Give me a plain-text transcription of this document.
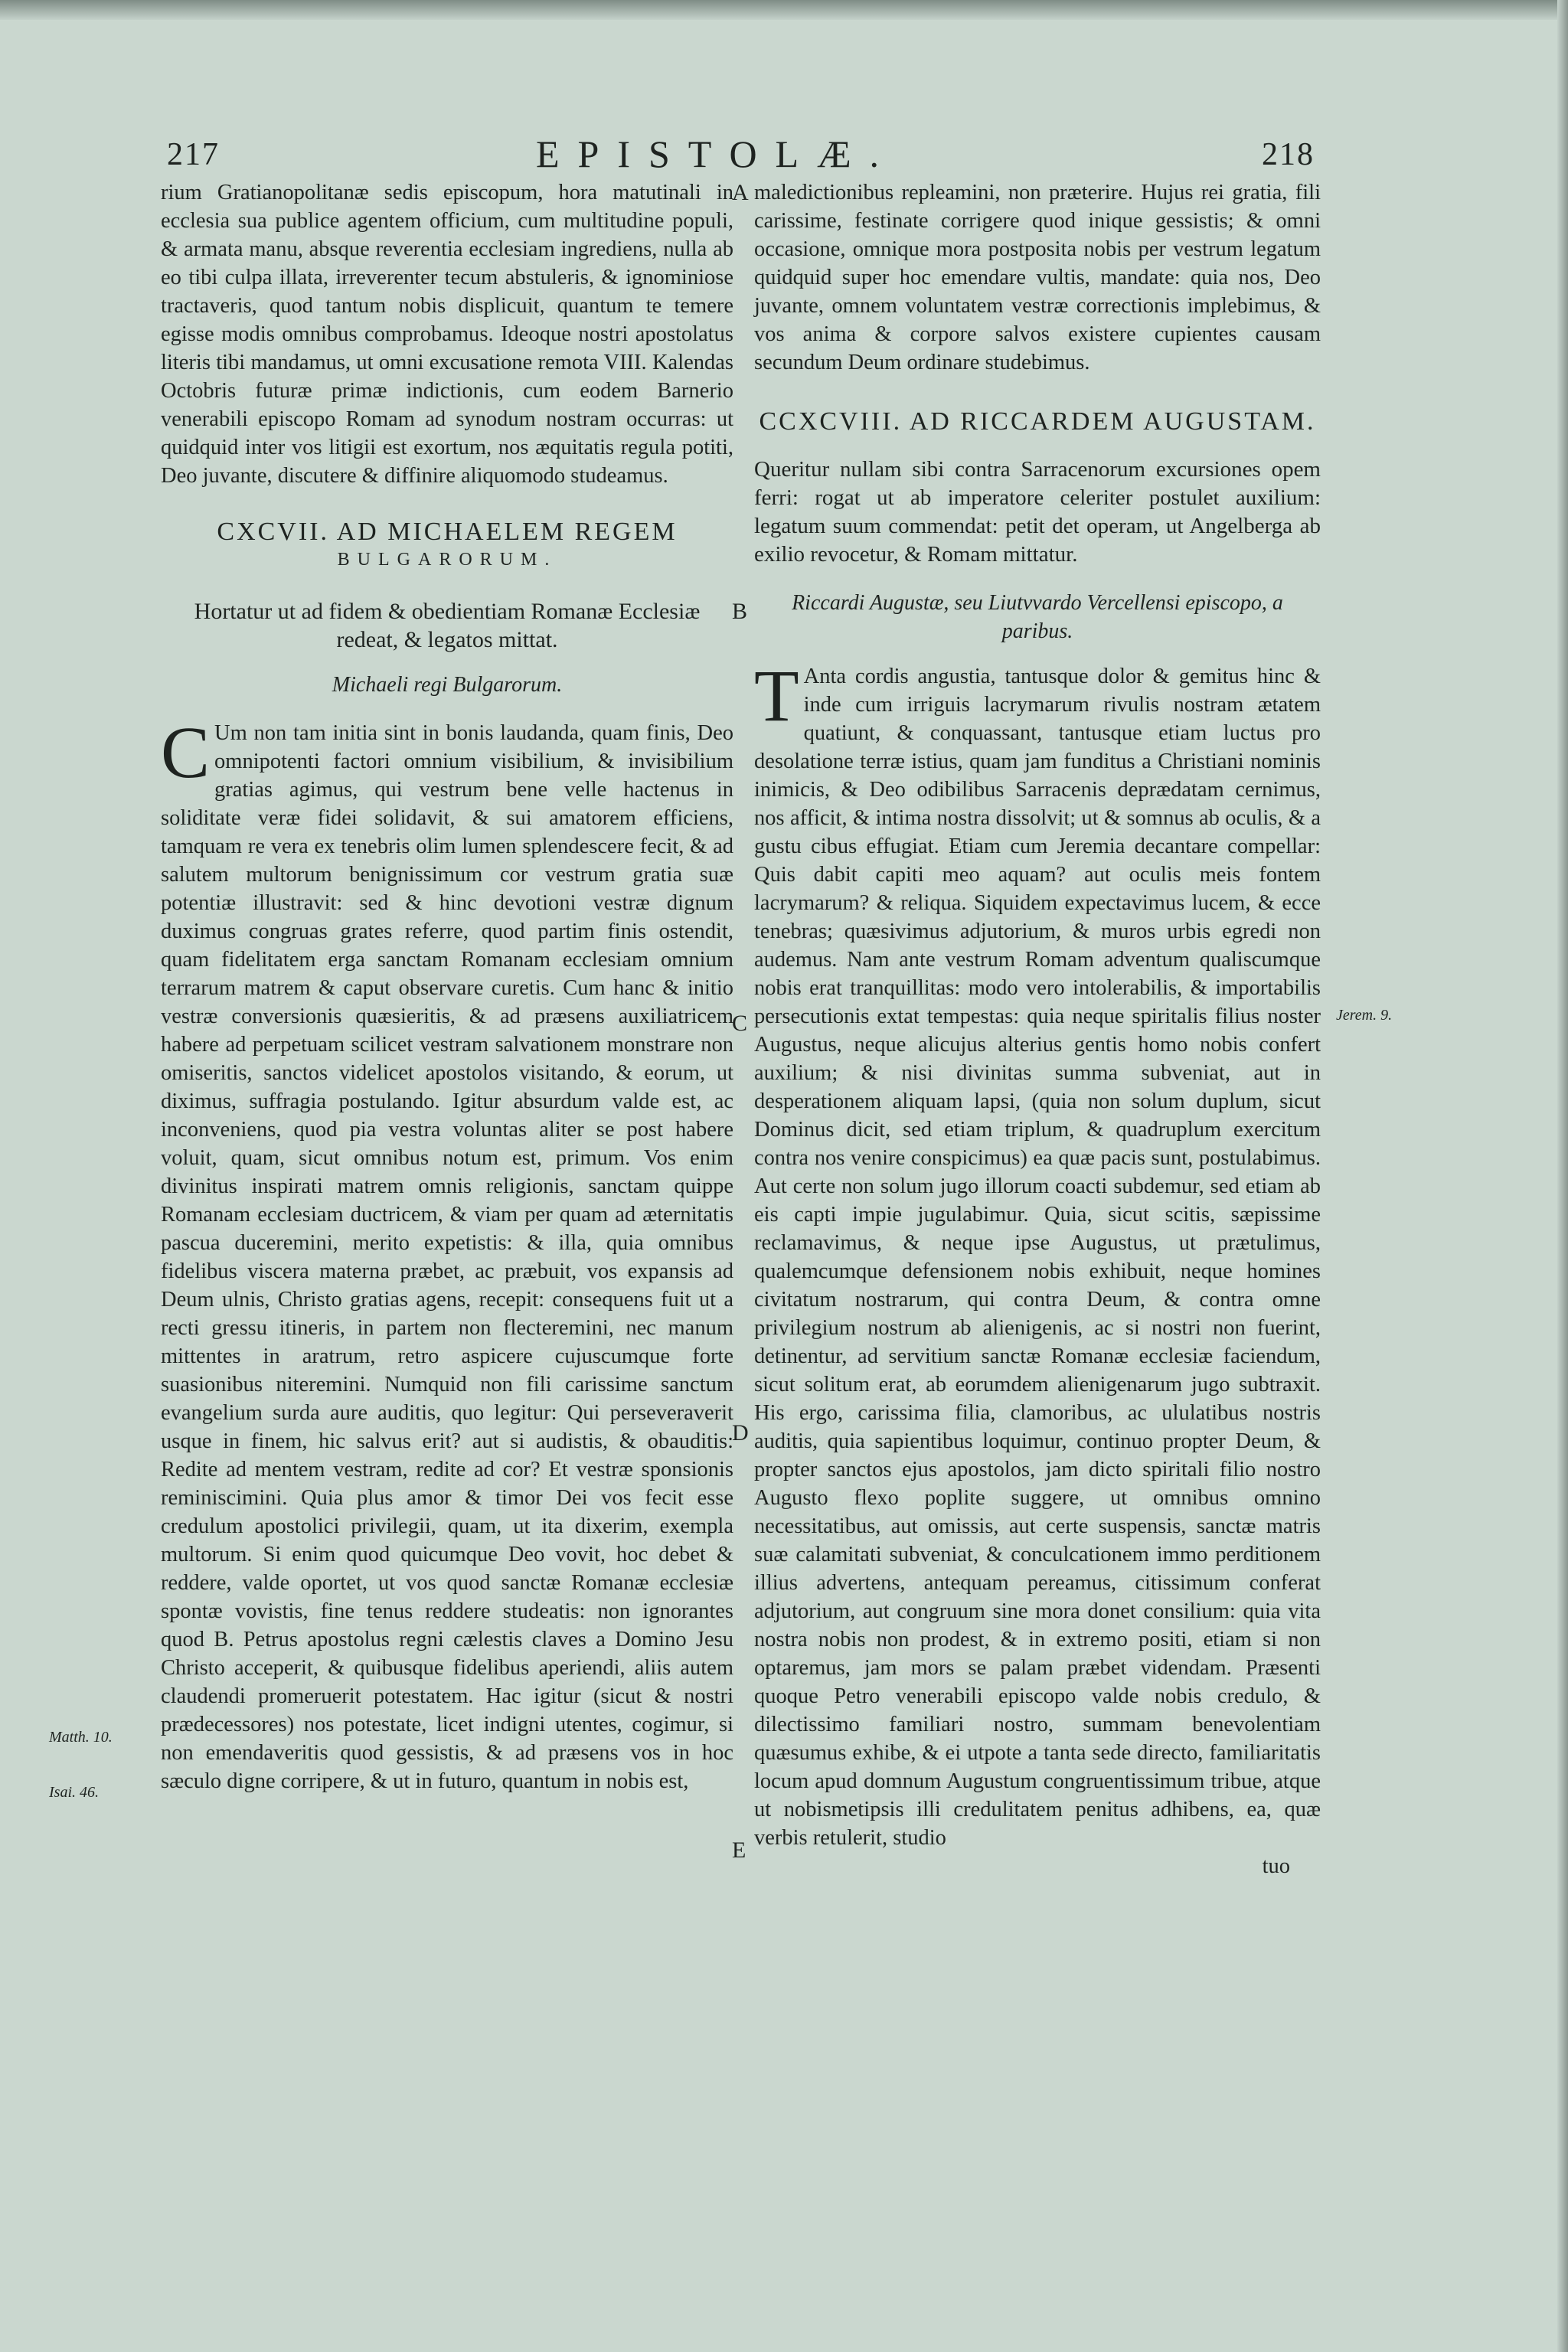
217	EPISTOLÆ.	218

rium Gratianopolitanæ sedis episcopum, hora matutinali in ecclesia sua publice agentem officium, cum multitudine populi, & armata manu, absque reverentia ecclesiam ingrediens, nulla ab eo tibi culpa illata, irreverenter tecum abstuleris, & ignominiose tractaveris, quod tantum nobis displicuit, quantum te temere egisse modis omnibus comprobamus. Ideoque nostri apostolatus literis tibi mandamus, ut omni excusatione remota VIII. Kalendas Octobris futuræ primæ indictionis, cum eodem Barnerio venerabili episcopo Romam ad synodum nostram occurras: ut quidquid inter vos litigii est exortum, nos æquitatis regula potiti, Deo juvante, discutere & diffinire aliquomodo studeamus.

CXCVII. AD MICHAELEM REGEM

BULGARORUM.

Hortatur ut ad fidem & obedientiam Romanæ Ecclesiæ redeat, & legatos mittat.

Michaeli regi Bulgarorum.

C Um non tam initia sint in bonis laudanda, quam finis, Deo omnipotenti factori omnium visibilium, & invisibilium gratias agimus, qui vestrum bene velle hactenus in soliditate veræ fidei solidavit, & sui amatorem efficiens, tamquam re vera ex tenebris olim lumen splendescere fecit, & ad salutem multorum benignissimum cor vestrum gratia suæ potentiæ illustravit: sed & hinc devotioni vestræ dignum duximus congruas grates referre, quod partim finis ostendit, quam fidelitatem erga sanctam Romanam ecclesiam omnium terrarum matrem & caput observare curetis. Cum hanc & initio vestræ conversionis quæsieritis, & ad præsens auxiliatricem habere ad perpetuam scilicet vestram salvationem monstrare non omiseritis, sanctos videlicet apostolos visitando, & eorum, ut diximus, suffragia postulando. Igitur absurdum valde est, ac inconveniens, quod pia vestra voluntas aliter se post habere voluit, quam, sicut omnibus notum est, primum. Vos enim divinitus inspirati matrem omnis religionis, sanctam quippe Romanam ecclesiam ductricem, & viam per quam ad æternitatis pascua duceremini, merito expetistis: & illa, quia omnibus fidelibus viscera materna præbet, ac præbuit, vos expansis ad Deum ulnis, Christo gratias agens, recepit: consequens fuit ut a recti gressu itineris, in partem non flecteremini, nec manum mittentes in aratrum, retro aspicere cujuscumque forte suasionibus niteremini. Numquid non fili carissime sanctum evangelium surda aure auditis, quo legitur: Qui perseveraverit usque in finem, hic salvus erit? aut si audistis, & obauditis: Redite ad mentem vestram, redite ad cor? Et vestræ sponsionis reminiscimini. Quia plus amor & timor Dei vos fecit esse credulum apostolici privilegii, quam, ut ita dixerim, exempla multorum. Si enim quod quicumque Deo vovit, hoc debet & reddere, valde oportet, ut vos quod sanctæ Romanæ ecclesiæ spontæ vovistis, fine tenus reddere studeatis: non ignorantes quod B. Petrus apostolus regni cælestis claves a Domino Jesu Christo acceperit, & quibusque fidelibus aperiendi, aliis autem claudendi promeruerit potestatem. Hac igitur (sicut & nostri prædecessores) nos potestate, licet indigni utentes, cogimur, si non emendaveritis quod gessistis, & ad præsens vos in hoc sæculo digne corripere, & ut in futuro, quantum in nobis est,

maledictionibus repleamini, non præterire. Hujus rei gratia, fili carissime, festinate corrigere quod inique gessistis; & omni occasione, omnique mora postposita nobis per vestrum legatum quidquid super hoc emendare vultis, mandate: quia nos, Deo juvante, omnem voluntatem vestræ correctionis implebimus, & vos anima & corpore salvos existere cupientes causam secundum Deum ordinare studebimus.

CCXCVIII. AD RICCARDEM AUGUSTAM.

Queritur nullam sibi contra Sarracenorum excursiones opem ferri: rogat ut ab imperatore celeriter postulet auxilium: legatum suum commendat: petit det operam, ut Angelberga ab exilio revocetur, & Romam mittatur.

Riccardi Augustæ, seu Liutvvardo Vercellensi episcopo, a paribus.

T Anta cordis angustia, tantusque dolor & gemitus hinc & inde cum irriguis lacrymarum rivulis nostram ætatem quatiunt, & conquassant, tantusque etiam luctus pro desolatione terræ istius, quam jam funditus a Christiani nominis inimicis, & Deo odibilibus Sarracenis deprædatam cernimus, nos afficit, & intima nostra dissolvit; ut & somnus ab oculis, & a gustu cibus effugiat. Etiam cum Jeremia decantare compellar: Quis dabit capiti meo aquam? aut oculis meis fontem lacrymarum? & reliqua. Siquidem expectavimus lucem, & ecce tenebras; quæsivimus adjutorium, & muros urbis egredi non audemus. Nam ante vestrum Romam adventum qualiscumque nobis erat tranquillitas: modo vero intolerabilis, & importabilis persecutionis extat tempestas: quia neque spiritalis filius noster Augustus, neque alicujus alterius gentis homo nobis confert auxilium; & nisi divinitas summa subveniat, aut in desperationem aliquam lapsi, (quia non solum duplum, sicut Dominus dicit, sed etiam triplum, & quadruplum exercitum contra nos venire conspicimus) ea quæ pacis sunt, postulabimus. Aut certe non solum jugo illorum coacti subdemur, sed etiam ab eis capti impie jugulabimur. Quia, sicut scitis, sæpissime reclamavimus, & neque ipse Augustus, ut prætulimus, qualemcumque defensionem nobis exhibuit, neque homines civitatum nostrarum, qui contra Deum, & contra omne privilegium nostrum ab alienigenis, ac si nostri non fuerint, detinentur, ad servitium sanctæ Romanæ ecclesiæ faciendum, sicut solitum erat, ab eorumdem alienigenarum jugo subtraxit. His ergo, carissima filia, clamoribus, ac ululatibus nostris auditis, quia sapientibus loquimur, continuo propter Deum, & propter sanctos ejus apostolos, jam dicto spiritali filio nostro Augusto flexo poplite suggere, ut omnibus omnino necessitatibus, aut omissis, aut certe suspensis, sanctæ matris suæ calamitati subveniat, & conculcationem immo perditionem illius advertens, antequam pereamus, citissimum conferat adjutorium, aut congruum sine mora donet consilium: quia vita nostra nobis non prodest, & in extremo positi, etiam si non optaremus, jam mors se palam præbet videndam. Præsenti quoque Petro venerabili episcopo valde nobis credulo, & dilectissimo familiari nostro, summam benevolentiam quæsumus exhibe, & ei utpote a tanta sede directo, familiaritatis locum apud domnum Augustum congruentissimum tribue, atque ut nobismetipsis illi credulitatem penitus adhibens, ea, quæ verbis retulerit, studio

tuo

A
B
C
D
E
Jerem. 9.
Matth. 10.
Isai. 46.
